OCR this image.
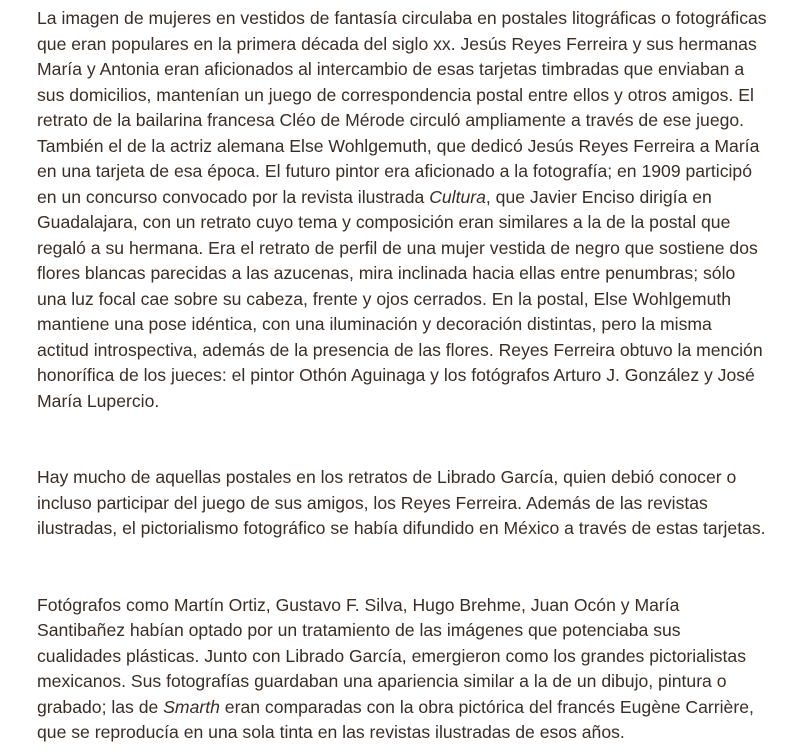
La imagen de mujeres en vestidos de fantasía circulaba en postales litográficas o fotográficas
que eran populares en la primera década del siglo xx. Jesús Reyes Ferreira y sus hermanas
María y Antonia eran aficionados al intercambio de esas tarjetas timbradas que enviaban a
sus domicilios, mantenían un juego de correspondencia postal entre ellos y otros amigos. El
retrato de la bailarina francesa Cléo de Mérode circuló ampliamente a través de ese juego.
También el de la actriz alemana Else Wohlgemuth, que dedicó Jesús Reyes Ferreira a María
en una tarjeta de esa época. El futuro pintor era aficionado a la fotografía; en 1909 participó
en un concurso convocado por la revista ilustrada Cultura, que Javier Enciso dirigía en
Guadalajara, con un retrato cuyo tema y composición eran similares a la de la postal que
regaló a su hermana. Era el retrato de perfil de una mujer vestida de negro que sostiene dos
flores blancas parecidas a las azucenas, mira inclinada hacia ellas entre penumbras; sólo
una luz focal cae sobre su cabeza, frente y ojos cerrados. En la postal, Else Wohlgemuth
mantiene una pose idéntica, con una iluminación y decoración distintas, pero la misma
actitud introspectiva, además de la presencia de las flores. Reyes Ferreira obtuvo la mención
honorífica de los jueces: el pintor Othón Aguinaga y los fotógrafos Arturo J. González y José
María Lupercio.

Hay mucho de aquellas postales en los retratos de Librado García, quien debió conocer o
incluso participar del juego de sus amigos, los Reyes Ferreira. Además de las revistas
ilustradas, el pictorialismo fotográfico se había difundido en México a través de estas tarjetas.

Fotógrafos como Martín Ortiz, Gustavo F. Silva, Hugo Brehme, Juan Ocón y María
Santibañez habían optado por un tratamiento de las imágenes que potenciaba sus
cualidades plásticas. Junto con Librado García, emergieron como los grandes pictorialistas
mexicanos. Sus fotografías guardaban una apariencia similar a la de un dibujo, pintura o
grabado; las de Smarth eran comparadas con la obra pictórica del francés Eugène Carrière,
que se reproducía en una sola tinta en las revistas ilustradas de esos años.
